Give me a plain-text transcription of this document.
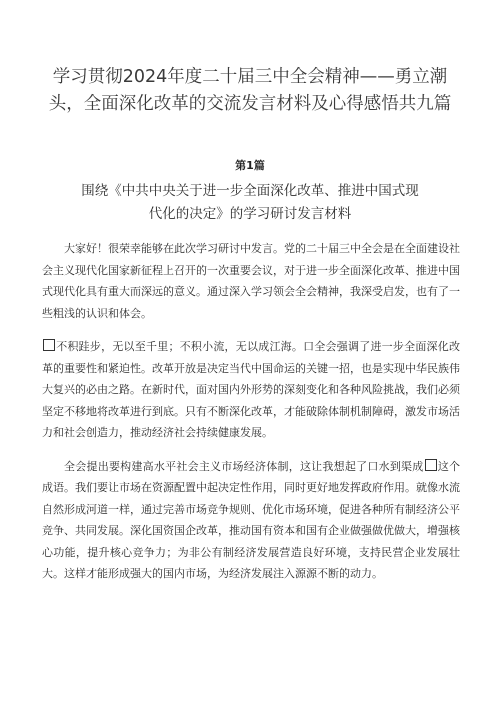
学习贯彻2024年度二十届三中全会精神——勇立潮头，全面深化改革的交流发言材料及心得感悟共九篇
第1篇
围绕《中共中央关于进一步全面深化改革、推进中国式现代化的决定》的学习研讨发言材料

大家好！很荣幸能够在此次学习研讨中发言。党的二十届三中全会是在全面建设社会主义现代化国家新征程上召开的一次重要会议，对于进一步全面深化改革、推进中国式现代化具有重大而深远的意义。通过深入学习领会全会精神，我深受启发，也有了一些粗浅的认识和体会。

不积跬步，无以至千里；不积小流，无以成江海。口全会强调了进一步全面深化改革的重要性和紧迫性。改革开放是决定当代中国命运的关键一招，也是实现中华民族伟大复兴的必由之路。在新时代，面对国内外形势的深刻变化和各种风险挑战，我们必须坚定不移地将改革进行到底。只有不断深化改革，才能破除体制机制障碍，激发市场活力和社会创造力，推动经济社会持续健康发展。

全会提出要构建高水平社会主义市场经济体制，这让我想起了口水到渠成 这个成语。我们要让市场在资源配置中起决定性作用，同时更好地发挥政府作用。就像水流自然形成河道一样，通过完善市场竞争规则、优化市场环境，促进各种所有制经济公平竞争、共同发展。深化国资国企改革，推动国有资本和国有企业做强做优做大，增强核心功能，提升核心竞争力；为非公有制经济发展营造良好环境，支持民营企业发展壮大。这样才能形成强大的国内市场，为经济发展注入源源不断的动力。
